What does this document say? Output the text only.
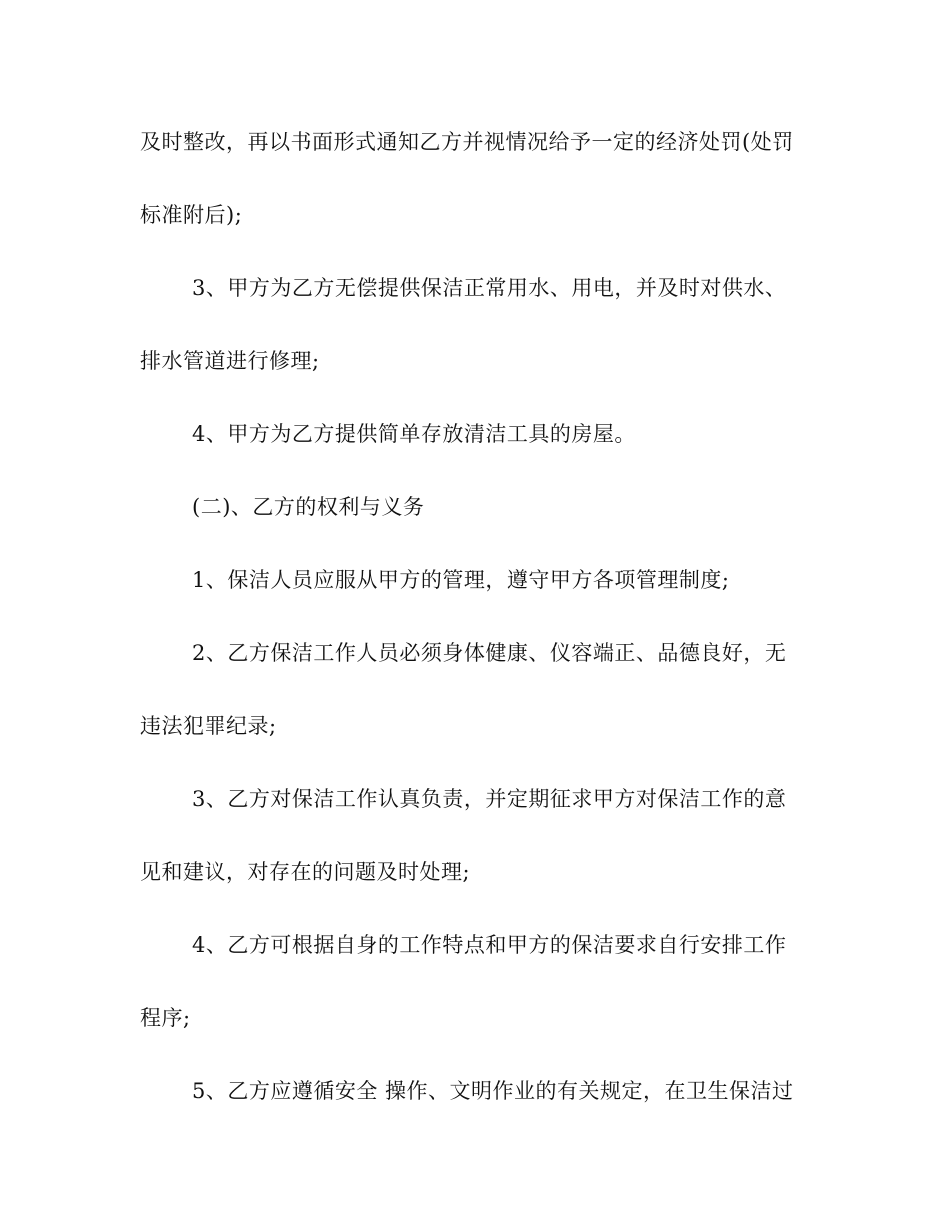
及时整改，再以书面形式通知乙方并视情况给予一定的经济处罚(处罚
标准附后);
3、甲方为乙方无偿提供保洁正常用水、用电，并及时对供水、
排水管道进行修理;
4、甲方为乙方提供简单存放清洁工具的房屋。
(二)、乙方的权利与义务
1、保洁人员应服从甲方的管理，遵守甲方各项管理制度;
2、乙方保洁工作人员必须身体健康、仪容端正、品德良好，无
违法犯罪纪录;
3、乙方对保洁工作认真负责，并定期征求甲方对保洁工作的意
见和建议，对存在的问题及时处理;
4、乙方可根据自身的工作特点和甲方的保洁要求自行安排工作
程序;
5、乙方应遵循安全 操作、文明作业的有关规定，在卫生保洁过
